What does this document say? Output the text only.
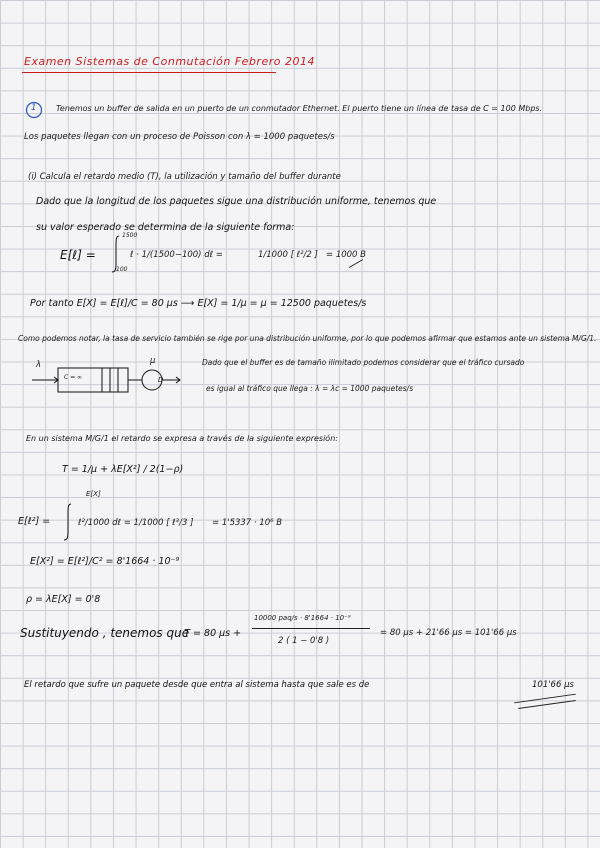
Examen Sistemas de Conmutación Febrero 2014
1 Tenemos un buffer de salida en un puerto de un conmutador Ethernet. El puerto tiene un línea de tasa de C = 100 Mbps.
Los paquetes llegan con un proceso de Poisson con λ = 1000 paquetes/s
(i) Calcula el retardo medio (T), la utilización y tamaño del buffer durante
Dado que la longitud de los paquetes sigue una distribución uniforme, tenemos que
su valor esperado se determina de la siguiente forma:
E[ℓ] =
1500
100
ℓ · 1/(1500−100) dℓ =	1/1000 [ ℓ²/2 ] = 1000 B
Por tanto E[X] = E[ℓ]/C = 80 μs ⟶ E[X] = 1/μ = μ = 12500 paquetes/s
Como podemos notar, la tasa de servicio también se rige por una distribución uniforme, por lo que podemos afirmar que estamos ante un sistema M/G/1.
λ
C = ∞
μ
D
Dado que el buffer es de tamaño ilimitado podemos considerar que el tráfico cursado
es igual al tráfico que llega : λ = λc = 1000 paquetes/s
En un sistema M/G/1 el retardo se expresa a través de la siguiente expresión:
T = 1/μ + λE[X²] / 2(1−ρ)
E[X]
E[ℓ²] =	ℓ²/1000 dℓ = 1/1000 [ ℓ³/3 ] = 1'5337 · 10⁶ B
E[X²] = E[ℓ²]/C² = 8'1664 · 10⁻⁹
ρ = λE[X] = 0'8
Sustituyendo , tenemos que
: T = 80 μs +
10000 paq/s · 8'1664 · 10⁻⁹
2 ( 1 − 0'8 )
= 80 μs + 21'66 μs = 101'66 μs
El retardo que sufre un paquete desde que entra al sistema hasta que sale es de	101'66 μs
